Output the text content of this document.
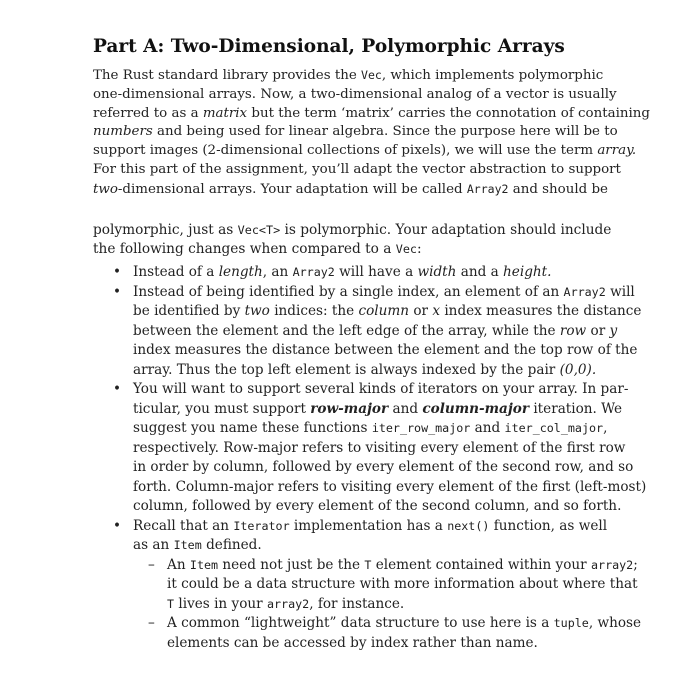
Part A: Two-Dimensional, Polymorphic Arrays
The Rust standard library provides the Vec, which implements polymorphic
one-dimensional arrays. Now, a two-dimensional analog of a vector is usually
referred to as a matrix but the term ‘matrix’ carries the connotation of containing
numbers and being used for linear algebra. Since the purpose here will be to
support images (2-dimensional collections of pixels), we will use the term array.
For this part of the assignment, you’ll adapt the vector abstraction to support
two-dimensional arrays. Your adaptation will be called Array2 and should be
polymorphic, just as Vec<T> is polymorphic. Your adaptation should include
the following changes when compared to a Vec:
• Instead of a length, an Array2 will have a width and a height.
• Instead of being identified by a single index, an element of an Array2 will
be identified by two indices: the column or x index measures the distance
between the element and the left edge of the array, while the row or y
index measures the distance between the element and the top row of the
array. Thus the top left element is always indexed by the pair (0,0).
• You will want to support several kinds of iterators on your array. In par-
ticular, you must support row-major and column-major iteration. We
suggest you name these functions iter_row_major and iter_col_major,
respectively. Row-major refers to visiting every element of the first row
in order by column, followed by every element of the second row, and so
forth. Column-major refers to visiting every element of the first (left-most)
column, followed by every element of the second column, and so forth.
• Recall that an Iterator implementation has a next() function, as well
as an Item defined.
– An Item need not just be the T element contained within your array2;
it could be a data structure with more information about where that
T lives in your array2, for instance.
– A common “lightweight” data structure to use here is a tuple, whose
elements can be accessed by index rather than name.
